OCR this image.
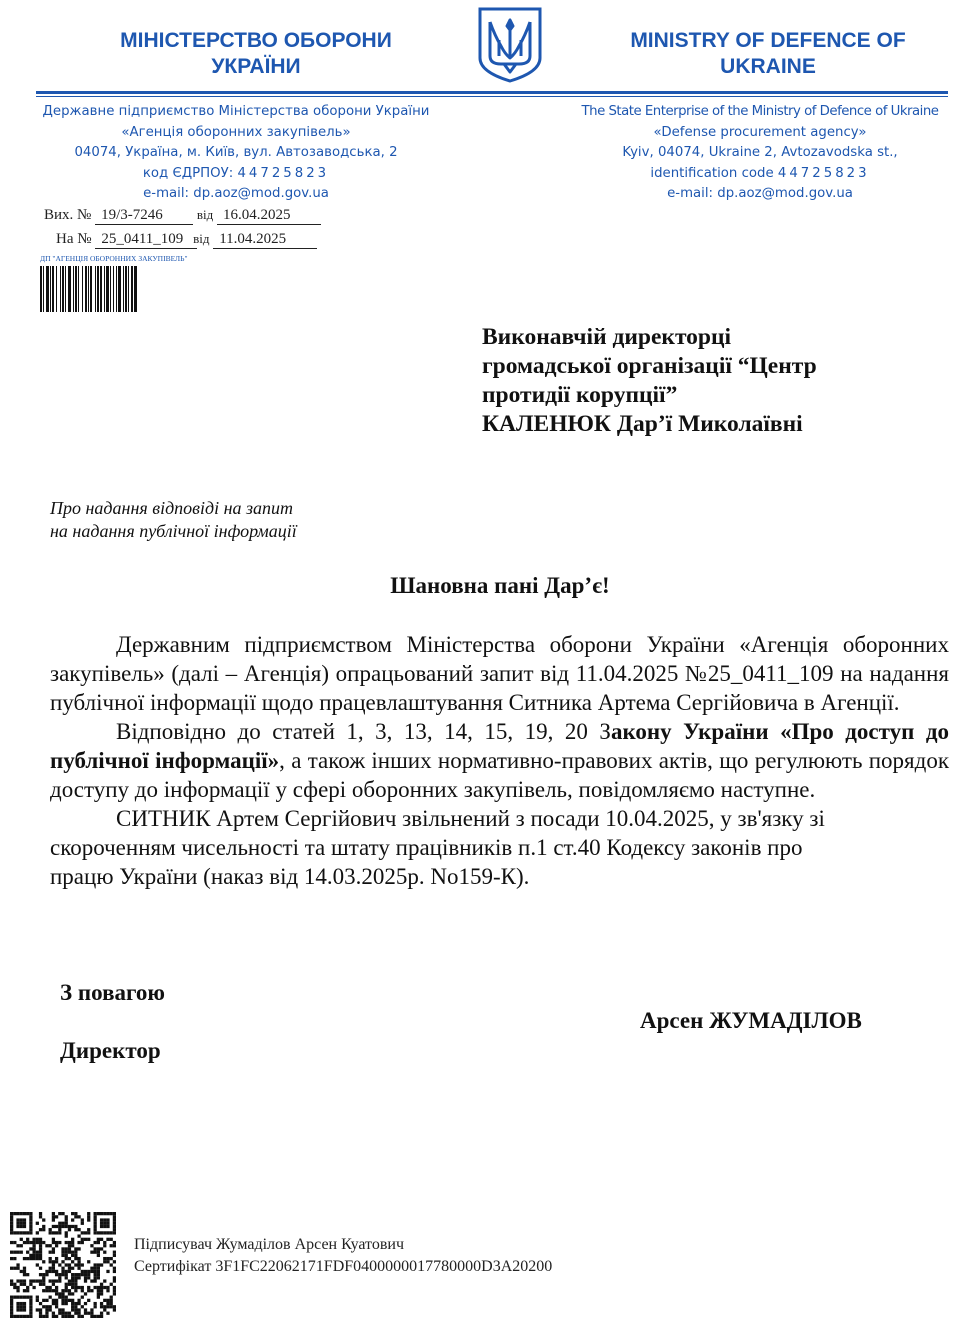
МІНІСТЕРСТВО ОБОРОНИ
УКРАЇНИ
MINISTRY OF DEFENCE OF
UKRAINE
Державне підприємство Міністерства оборони України
«Агенція оборонних закупівель»
04074, Україна, м. Київ, вул. Автозаводська, 2
код ЄДРПОУ: 44725823
e-mail: dp.aoz@mod.gov.ua
The State Enterprise of the Ministry of Defence of Ukraine
«Defense procurement agency»
Kyiv, 04074, Ukraine 2, Avtozavodska st.,
identification code 44725823
e-mail: dp.aoz@mod.gov.ua
Вих. № 19/3-7246	від 16.04.2025
На № 25_0411_109 від 11.04.2025
ДП "АГЕНЦІЯ ОБОРОННИХ ЗАКУПІВЕЛЬ"
Виконавчій директорці
громадської організації “Центр
протидії корупції”
КАЛЕНЮК Дар’ї Миколаївні
Про надання відповіді на запит
на надання публічної інформації
Шановна пані Дар’є!

Державним підприємством Міністерства оборони України «Агенція оборонних закупівель» (далі – Агенція) опрацьований запит від 11.04.2025 №25_0411_109 на надання публічної інформації щодо працевлаштування Ситника Артема Сергійовича в Агенції.

Відповідно до статей 1, 3, 13, 14, 15, 19, 20 Закону України «Про доступ до публічної інформації», а також інших нормативно-правових актів, що регулюють порядок доступу до інформації у сфері оборонних закупівель, повідомляємо наступне.

СИТНИК Артем Сергійович звільнений з посади 10.04.2025, у зв'язку зі
скороченням чисельності та штату працівників п.1 ст.40 Кодексу законів про
працю України (наказ від 14.03.2025р. No159-К).
З повагою
Арсен ЖУМАДІЛОВ
Директор
Підписувач Жумаділов Арсен Куатович
Сертифікат 3F1FC22062171FDF0400000017780000D3A20200
